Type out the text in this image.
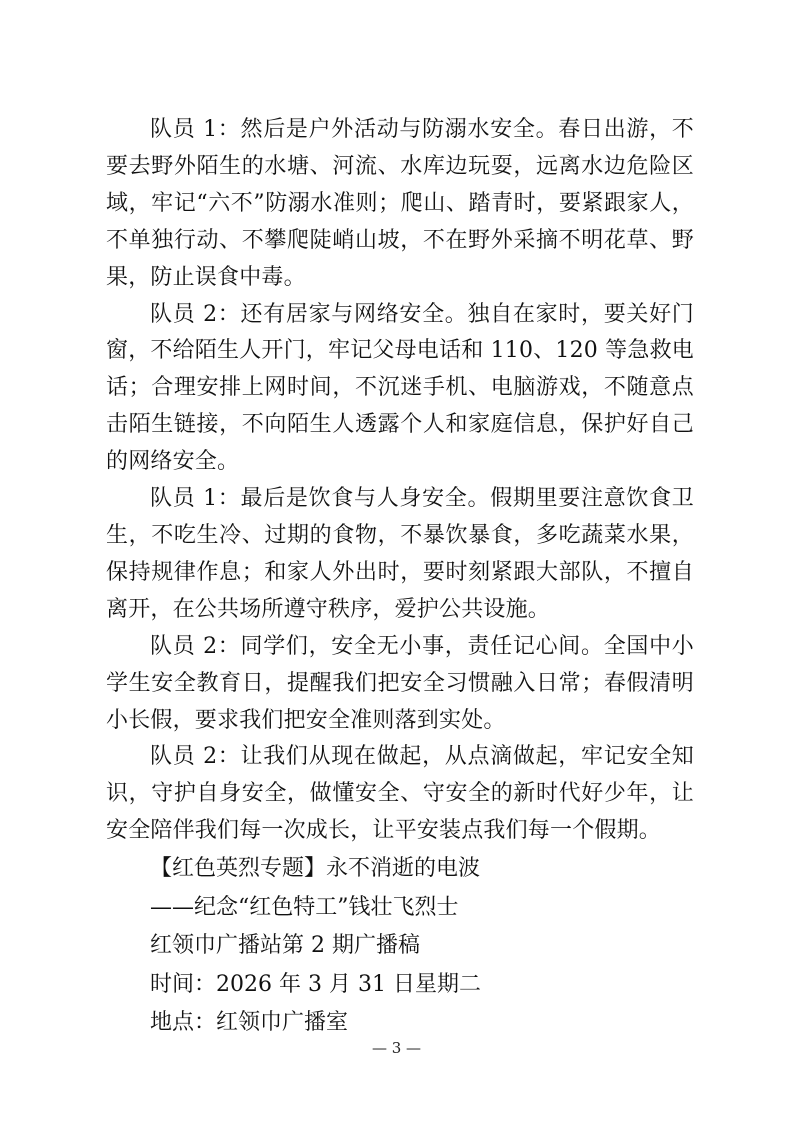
队员 1：然后是户外活动与防溺水安全。春日出游，不要去野外陌生的水塘、河流、水库边玩耍，远离水边危险区域，牢记“六不”防溺水准则；爬山、踏青时，要紧跟家人，不单独行动、不攀爬陡峭山坡，不在野外采摘不明花草、野果，防止误食中毒。

队员 2：还有居家与网络安全。独自在家时，要关好门窗，不给陌生人开门，牢记父母电话和 110、120 等急救电话；合理安排上网时间，不沉迷手机、电脑游戏，不随意点击陌生链接，不向陌生人透露个人和家庭信息，保护好自己的网络安全。

队员 1：最后是饮食与人身安全。假期里要注意饮食卫生，不吃生冷、过期的食物，不暴饮暴食，多吃蔬菜水果，保持规律作息；和家人外出时，要时刻紧跟大部队，不擅自离开，在公共场所遵守秩序，爱护公共设施。

队员 2：同学们，安全无小事，责任记心间。全国中小学生安全教育日，提醒我们把安全习惯融入日常；春假清明小长假，要求我们把安全准则落到实处。

队员 2：让我们从现在做起，从点滴做起，牢记安全知识，守护自身安全，做懂安全、守安全的新时代好少年，让安全陪伴我们每一次成长，让平安装点我们每一个假期。

【红色英烈专题】永不消逝的电波

——纪念“红色特工”钱壮飞烈士

红领巾广播站第 2 期广播稿

时间：2026 年 3 月 31 日星期二

地点：红领巾广播室

— 3 —
